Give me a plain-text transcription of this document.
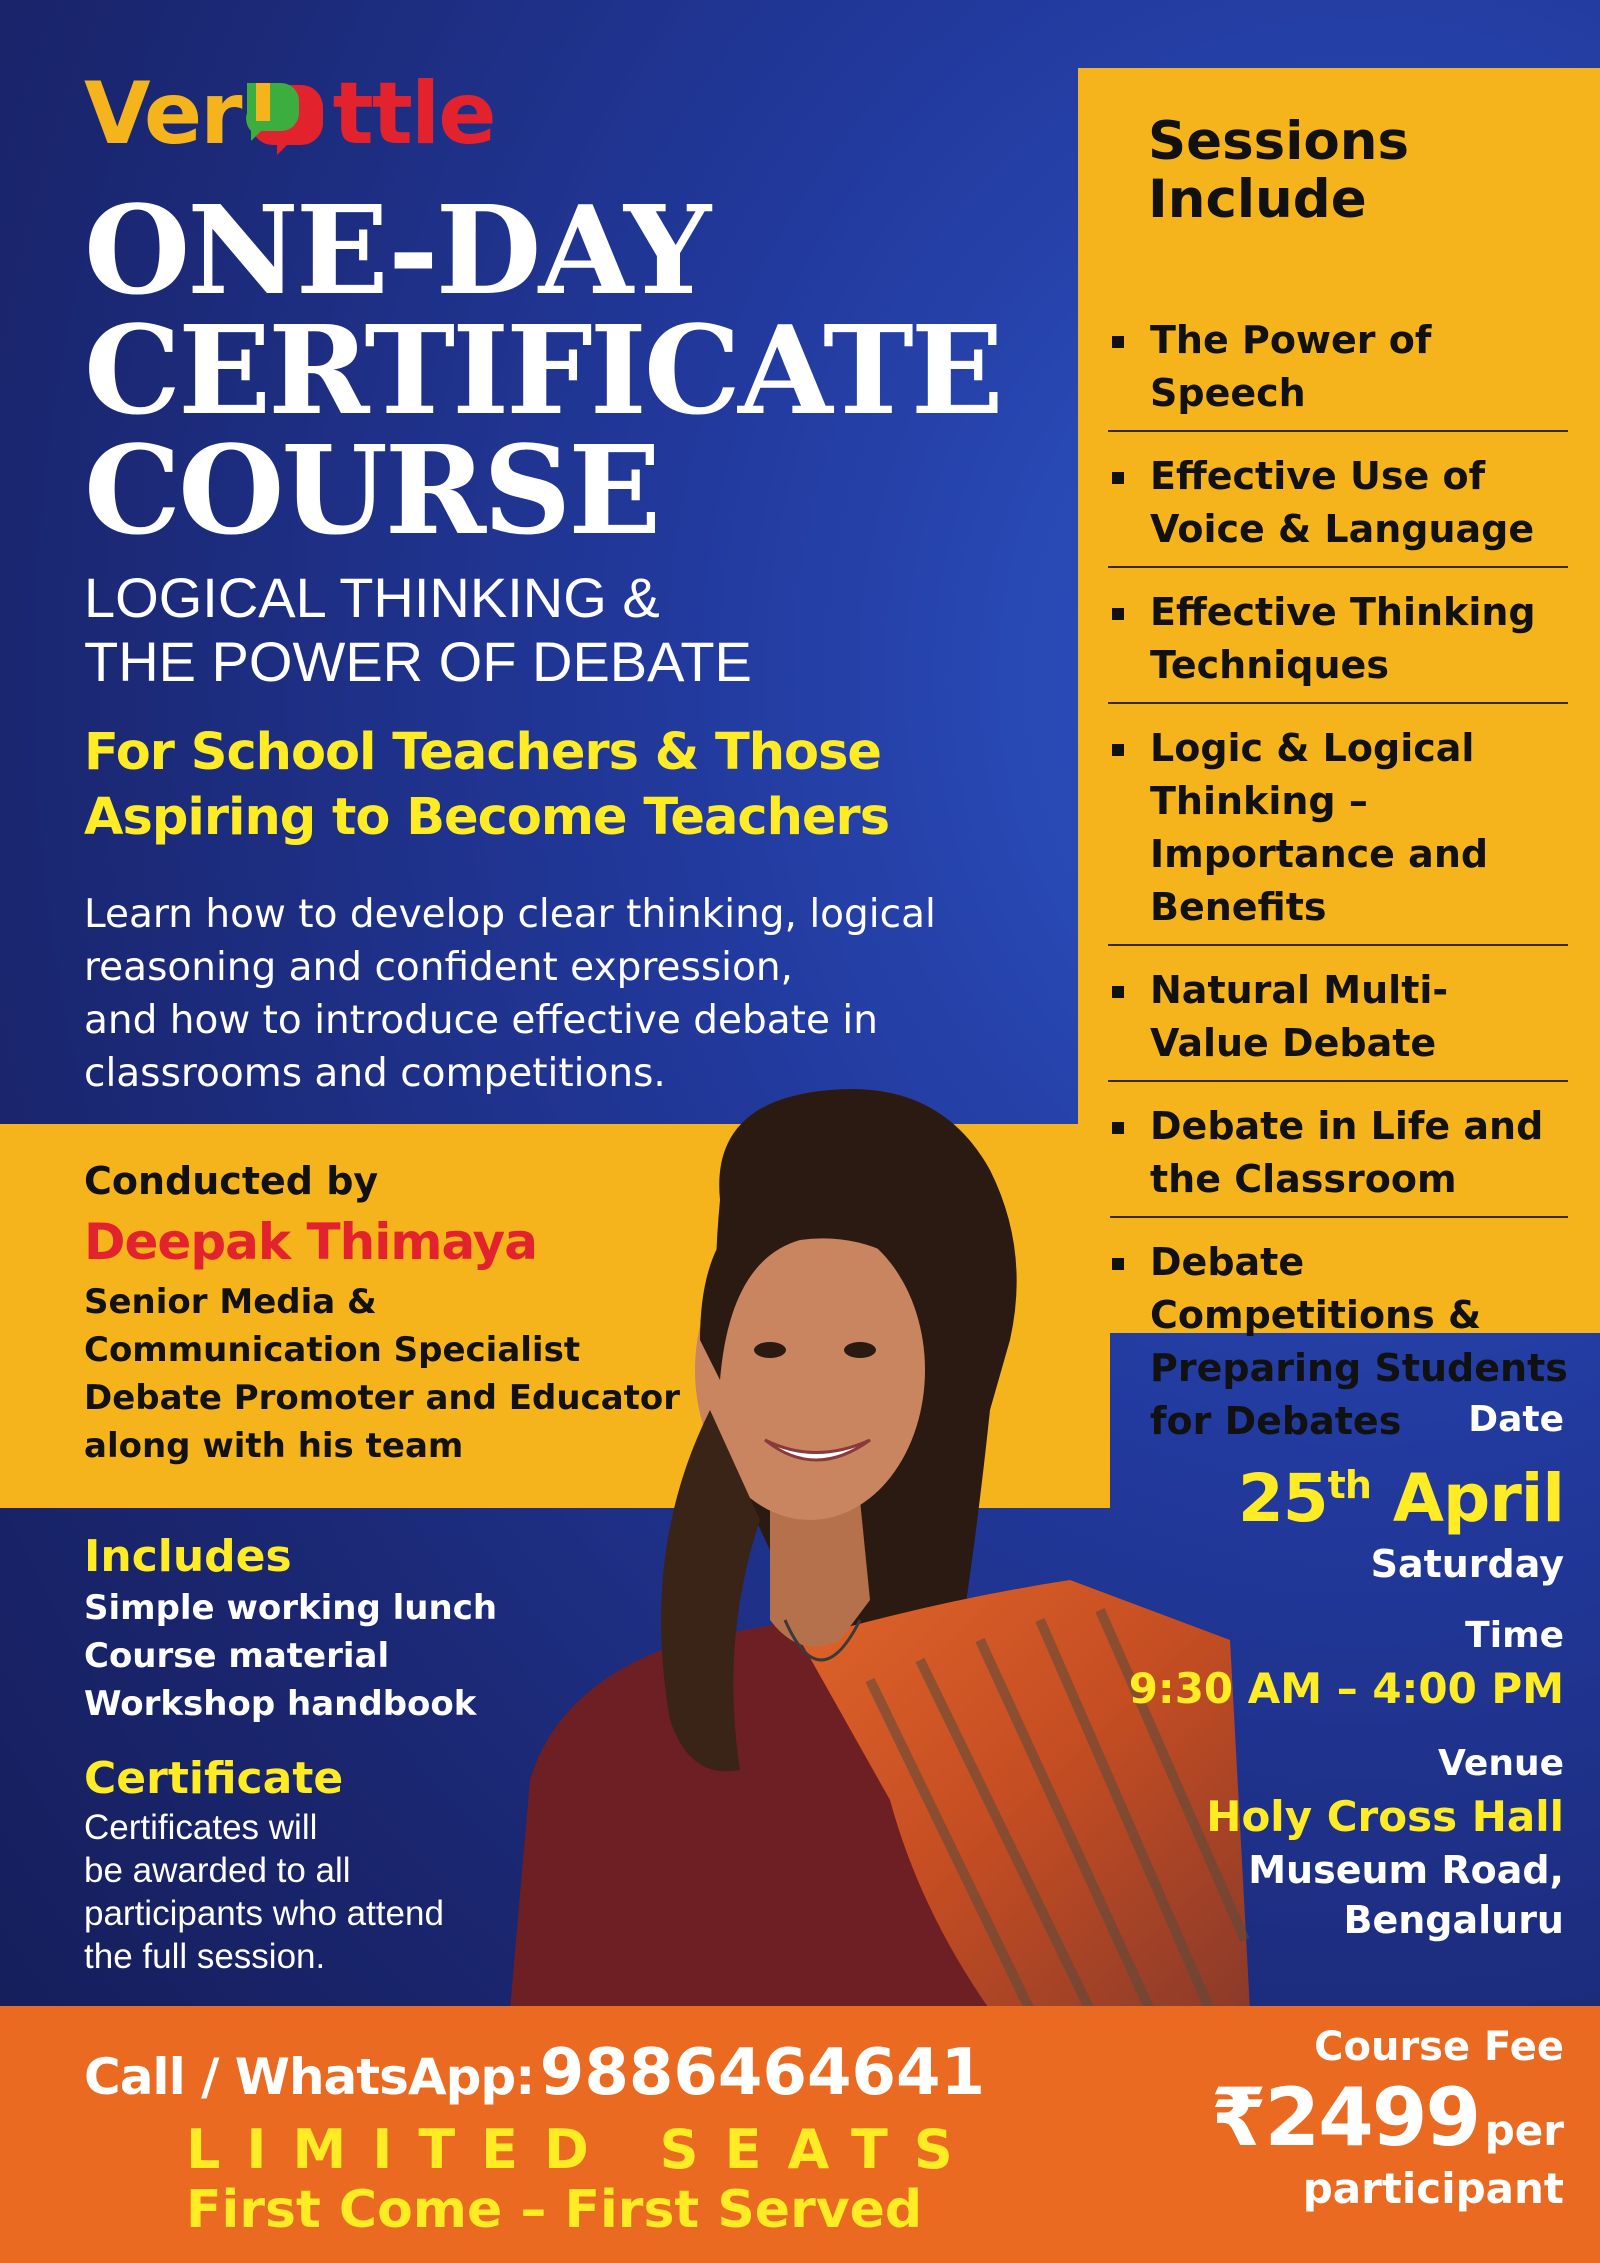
Ver ttle
ONE-DAY
CERTIFICATE
COURSE
LOGICAL THINKING &
THE POWER OF DEBATE
For School Teachers & Those
Aspiring to Become Teachers
Learn how to develop clear thinking, logical
reasoning and confident expression,
and how to introduce effective debate in
classrooms and competitions.
Sessions
Include
The Power of
Speech
Effective Use of
Voice & Language
Effective Thinking
Techniques
Logic & Logical
Thinking –
Importance and
Benefits
Natural Multi-
Value Debate
Debate in Life and
the Classroom
Debate
Competitions &
Preparing Students
for Debates
Conducted by
Deepak Thimaya
Senior Media &
Communication Specialist
Debate Promoter and Educator
along with his team
Includes
Simple working lunch
Course material
Workshop handbook
Certificate
Certificates will
be awarded to all
participants who attend
the full session.
Date
25th April
Saturday
Time
9:30 AM – 4:00 PM
Venue
Holy Cross Hall
Museum Road,
Bengaluru
Call / WhatsApp: 9886464641
LIMITED SEATS
First Come – First Served
Course Fee
₹2499 per
participant
